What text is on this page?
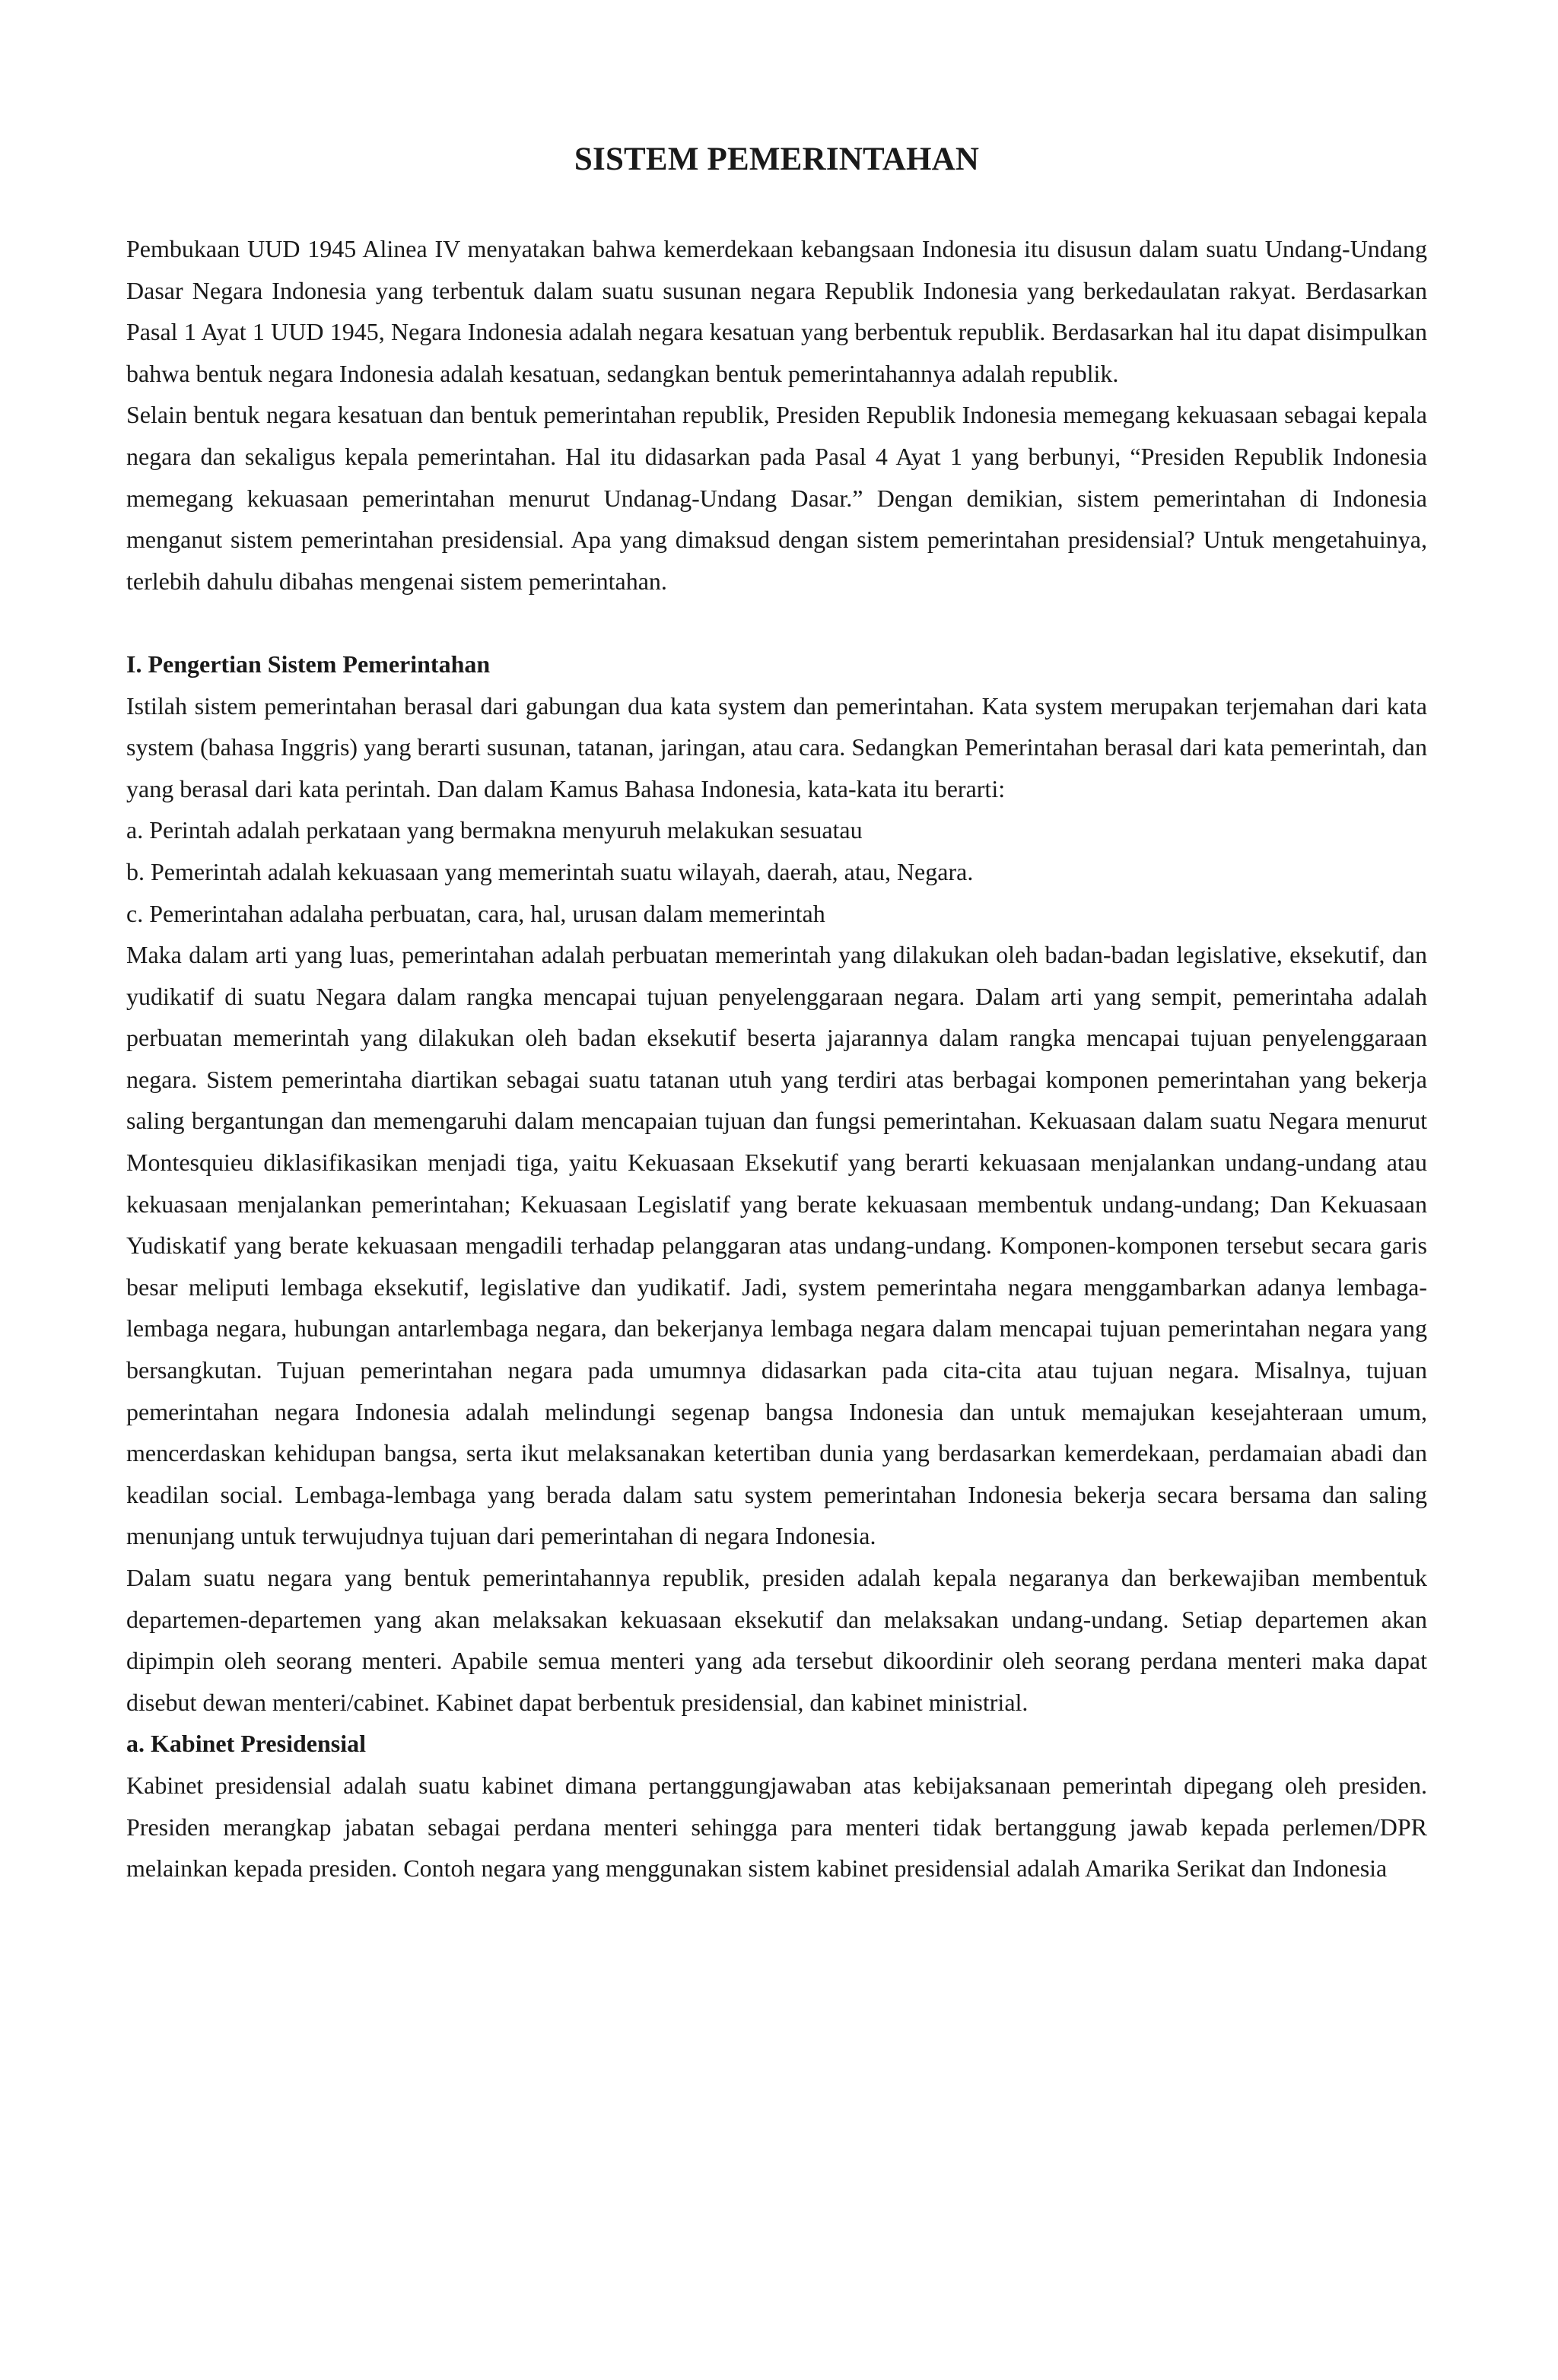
SISTEM PEMERINTAHAN

Pembukaan UUD 1945 Alinea IV menyatakan bahwa kemerdekaan kebangsaan Indonesia itu disusun dalam suatu Undang-Undang Dasar Negara Indonesia yang terbentuk dalam suatu susunan negara Republik Indonesia yang berkedaulatan rakyat. Berdasarkan Pasal 1 Ayat 1 UUD 1945, Negara Indonesia adalah negara kesatuan yang berbentuk republik. Berdasarkan hal itu dapat disimpulkan bahwa bentuk negara Indonesia adalah kesatuan, sedangkan bentuk pemerintahannya adalah republik.

Selain bentuk negara kesatuan dan bentuk pemerintahan republik, Presiden Republik Indonesia memegang kekuasaan sebagai kepala negara dan sekaligus kepala pemerintahan. Hal itu didasarkan pada Pasal 4 Ayat 1 yang berbunyi, “Presiden Republik Indonesia memegang kekuasaan pemerintahan menurut Undanag-Undang Dasar.” Dengan demikian, sistem pemerintahan di Indonesia menganut sistem pemerintahan presidensial. Apa yang dimaksud dengan sistem pemerintahan presidensial? Untuk mengetahuinya, terlebih dahulu dibahas mengenai sistem pemerintahan.

I. Pengertian Sistem Pemerintahan

Istilah sistem pemerintahan berasal dari gabungan dua kata system dan pemerintahan. Kata system merupakan terjemahan dari kata system (bahasa Inggris) yang berarti susunan, tatanan, jaringan, atau cara. Sedangkan Pemerintahan berasal dari kata pemerintah, dan yang berasal dari kata perintah. Dan dalam Kamus Bahasa Indonesia, kata-kata itu berarti:

a. Perintah adalah perkataan yang bermakna menyuruh melakukan sesuatau

b. Pemerintah adalah kekuasaan yang memerintah suatu wilayah, daerah, atau, Negara.

c. Pemerintahan adalaha perbuatan, cara, hal, urusan dalam memerintah

Maka dalam arti yang luas, pemerintahan adalah perbuatan memerintah yang dilakukan oleh badan-badan legislative, eksekutif, dan yudikatif di suatu Negara dalam rangka mencapai tujuan penyelenggaraan negara. Dalam arti yang sempit, pemerintaha adalah perbuatan memerintah yang dilakukan oleh badan eksekutif beserta jajarannya dalam rangka mencapai tujuan penyelenggaraan negara. Sistem pemerintaha diartikan sebagai suatu tatanan utuh yang terdiri atas berbagai komponen pemerintahan yang bekerja saling bergantungan dan memengaruhi dalam mencapaian tujuan dan fungsi pemerintahan. Kekuasaan dalam suatu Negara menurut Montesquieu diklasifikasikan menjadi tiga, yaitu Kekuasaan Eksekutif yang berarti kekuasaan menjalankan undang-undang atau kekuasaan menjalankan pemerintahan; Kekuasaan Legislatif yang berate kekuasaan membentuk undang-undang; Dan Kekuasaan Yudiskatif yang berate kekuasaan mengadili terhadap pelanggaran atas undang-undang. Komponen-komponen tersebut secara garis besar meliputi lembaga eksekutif, legislative dan yudikatif. Jadi, system pemerintaha negara menggambarkan adanya lembaga-lembaga negara, hubungan antarlembaga negara, dan bekerjanya lembaga negara dalam mencapai tujuan pemerintahan negara yang bersangkutan. Tujuan pemerintahan negara pada umumnya didasarkan pada cita-cita atau tujuan negara. Misalnya, tujuan pemerintahan negara Indonesia adalah melindungi segenap bangsa Indonesia dan untuk memajukan kesejahteraan umum, mencerdaskan kehidupan bangsa, serta ikut melaksanakan ketertiban dunia yang berdasarkan kemerdekaan, perdamaian abadi dan keadilan social. Lembaga-lembaga yang berada dalam satu system pemerintahan Indonesia bekerja secara bersama dan saling menunjang untuk terwujudnya tujuan dari pemerintahan di negara Indonesia.

Dalam suatu negara yang bentuk pemerintahannya republik, presiden adalah kepala negaranya dan berkewajiban membentuk departemen-departemen yang akan melaksakan kekuasaan eksekutif dan melaksakan undang-undang. Setiap departemen akan dipimpin oleh seorang menteri. Apabile semua menteri yang ada tersebut dikoordinir oleh seorang perdana menteri maka dapat disebut dewan menteri/cabinet. Kabinet dapat berbentuk presidensial, dan kabinet ministrial.

a. Kabinet Presidensial

Kabinet presidensial adalah suatu kabinet dimana pertanggungjawaban atas kebijaksanaan pemerintah dipegang oleh presiden. Presiden merangkap jabatan sebagai perdana menteri sehingga para menteri tidak bertanggung jawab kepada perlemen/DPR melainkan kepada presiden. Contoh negara yang menggunakan sistem kabinet presidensial adalah Amarika Serikat dan Indonesia
